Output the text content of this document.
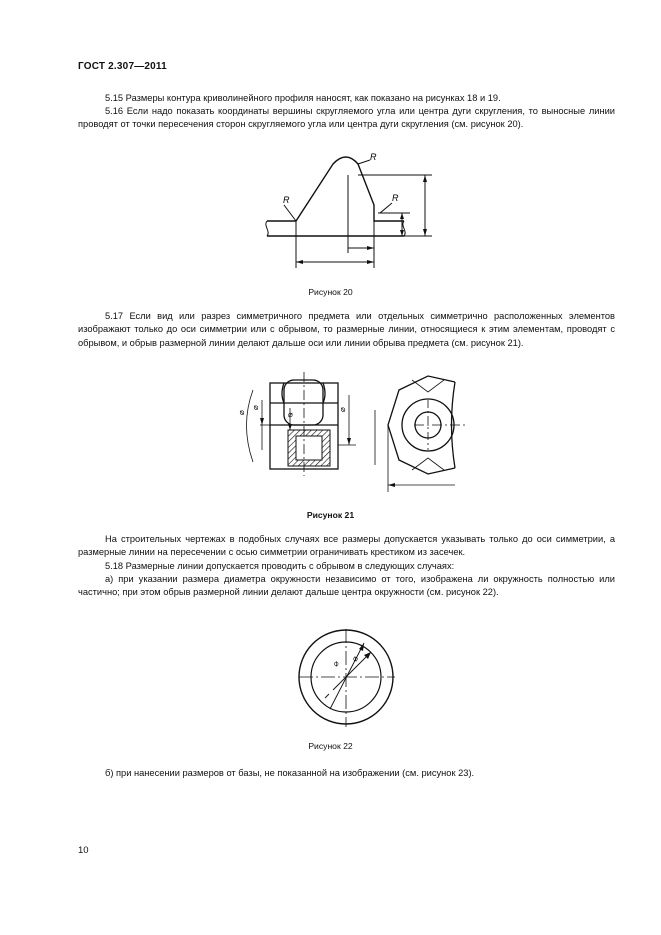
ГОСТ 2.307—2011

5.15 Размеры контура криволинейного профиля наносят, как показано на рисунках 18 и 19.

5.16 Если надо показать координаты вершины скругляемого угла или центра дуги скругления, то выносные линии проводят от точки пересечения сторон скругляемого угла или центра дуги скругления (см. рисунок 20).

R
R
R
Рисунок 20

5.17 Если вид или разрез симметричного предмета или отдельных симметрично расположенных элементов изображают только до оси симметрии или с обрывом, то размерные линии, относящиеся к этим элементам, проводят с обрывом, и обрыв размерной линии делают дальше оси или линии обрыва предмета (см. рисунок 21).

⌀	⌀
⌀
⌀
Рисунок 21

На строительных чертежах в подобных случаях все размеры допускается указывать только до оси симметрии, а размерные линии на пересечении с осью симметрии ограничивать крестиком из засечек.

5.18 Размерные линии допускается проводить с обрывом в следующих случаях:

а) при указании размера диаметра окружности независимо от того, изображена ли окружность полностью или частично; при этом обрыв размерной линии делают дальше центра окружности (см. рисунок 22).

⌀ ⌀
Рисунок 22

б) при нанесении размеров от базы, не показанной на изображении (см. рисунок 23).

10
